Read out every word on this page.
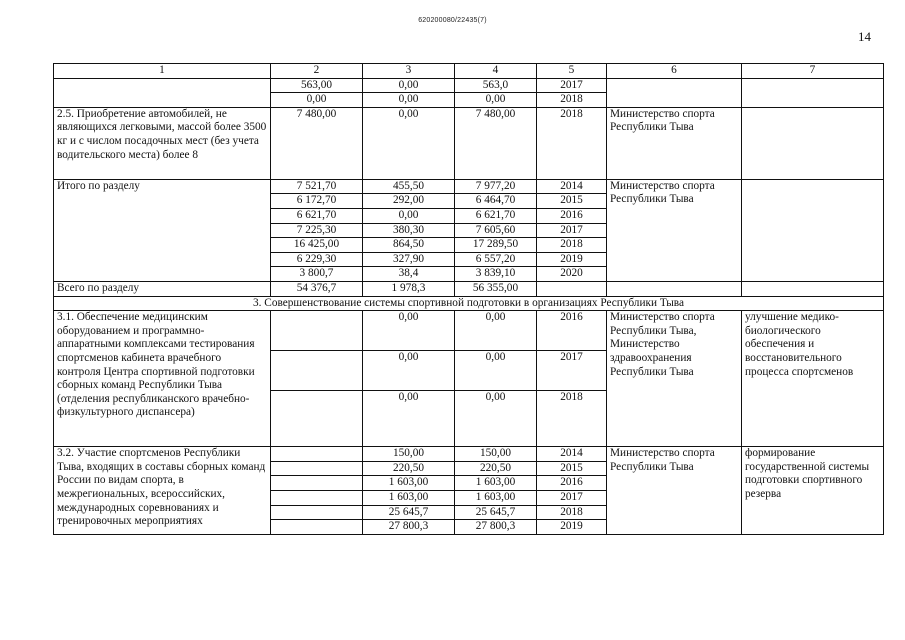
620200080/22435(7)
14
1	2	3	4	5	6	7
	563,00	0,00	563,0	2017		
	0,00	0,00	0,00	2018		
2.5. Приобретение автомобилей, не являющихся легковыми, массой более 3500 кг и с числом посадочных мест (без учета водительского места) более 8	7 480,00	0,00	7 480,00	2018	Министерство спорта Республики Тыва	
Итого по разделу	7 521,70	455,50	7 977,20	2014	Министерство спорта Республики Тыва	
	6 172,70	292,00	6 464,70	2015		
	6 621,70	0,00	6 621,70	2016		
	7 225,30	380,30	7 605,60	2017		
	16 425,00	864,50	17 289,50	2018		
	6 229,30	327,90	6 557,20	2019		
	3 800,7	38,4	3 839,10	2020		
Всего по разделу	54 376,7	1 978,3	56 355,00			
3. Совершенствование системы спортивной подготовки в организациях Республики Тыва						
3.1. Обеспечение медицинским оборудованием и программно-аппаратными комплексами тестирования спортсменов кабинета врачебного контроля Центра спортивной подготовки сборных команд Республики Тыва (отделения республиканского врачебно-физкультурного диспансера)		0,00	0,00	2016	Министерство спорта Республики Тыва, Министерство здравоохранения Республики Тыва	улучшение медико-биологического обеспечения и восстановительного процесса спортсменов
		0,00	0,00	2017		
		0,00	0,00	2018		
3.2. Участие спортсменов Республики Тыва, входящих в составы сборных команд России по видам спорта, в межрегиональных, всероссийских, международных соревнованиях и тренировочных мероприятиях		150,00	150,00	2014	Министерство спорта Республики Тыва	формирование государственной системы подготовки спортивного резерва
		220,50	220,50	2015		
		1 603,00	1 603,00	2016		
		1 603,00	1 603,00	2017		
		25 645,7	25 645,7	2018		
		27 800,3	27 800,3	2019		
